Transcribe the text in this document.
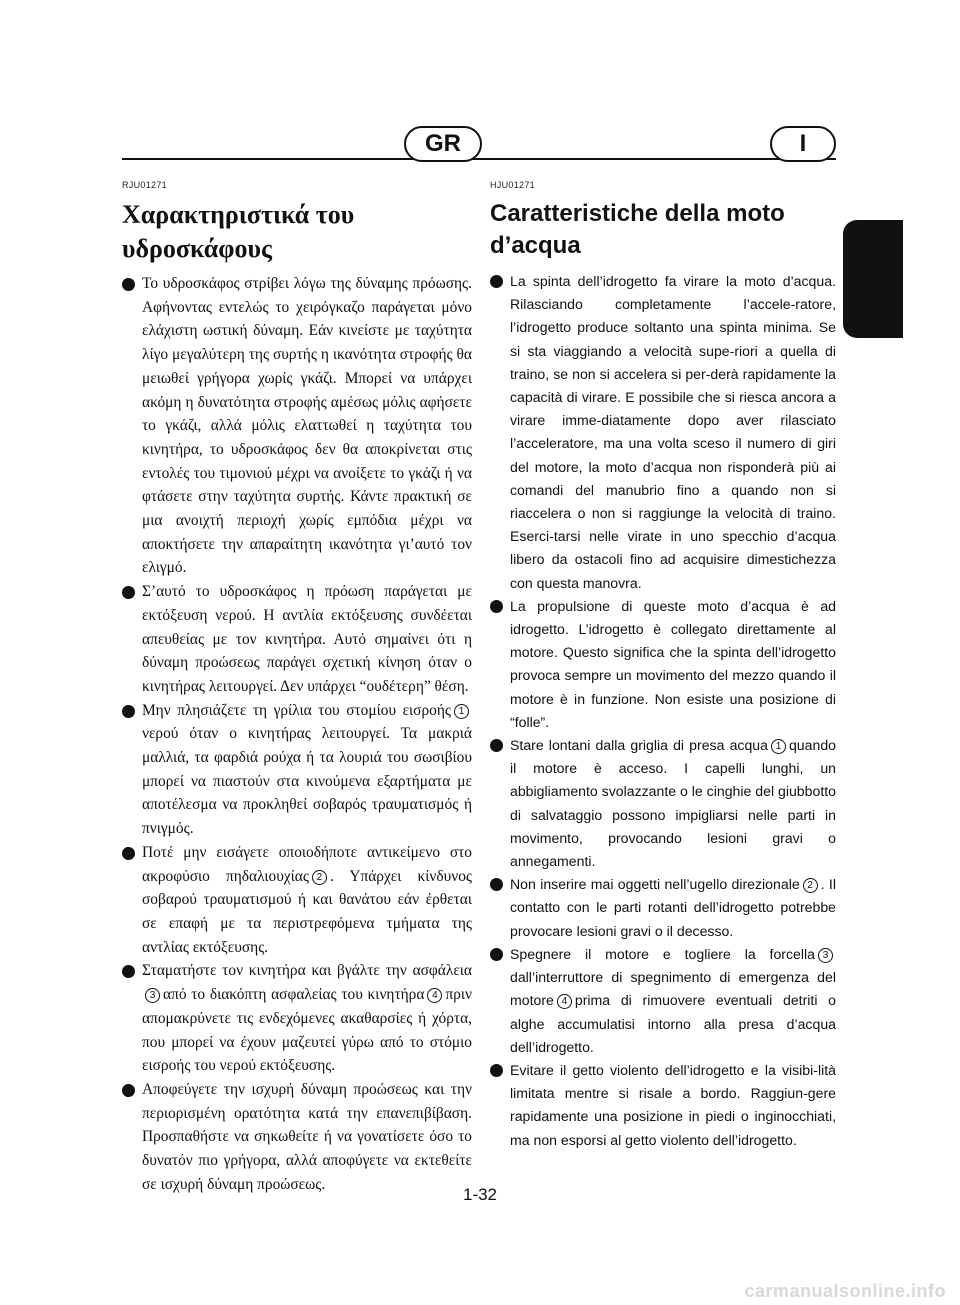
GR	I

RJU01271

Χαρακτηριστικά του
υδροσκάφους
Το υδροσκάφος στρίβει λόγω της δύναμης πρόωσης. Αφήνοντας εντελώς το χειρόγκαζο παράγεται μόνο ελάχιστη ωστική δύναμη. Εάν κινείστε με ταχύτητα λίγο μεγαλύτερη της συρτής η ικανότητα στροφής θα μειωθεί γρήγορα χωρίς γκάζι. Μπορεί να υπάρχει ακόμη η δυνατότητα στροφής αμέσως μόλις αφήσετε το γκάζι, αλλά μόλις ελαττωθεί η ταχύτητα του κινητήρα, το υδροσκάφος δεν θα αποκρίνεται στις εντολές του τιμονιού μέχρι να ανοίξετε το γκάζι ή να φτάσετε στην ταχύτητα συρτής. Κάντε πρακτική σε μια ανοιχτή περιοχή χωρίς εμπόδια μέχρι να αποκτήσετε την απαραίτητη ικανότητα γι’αυτό τον ελιγμό.
Σ’αυτό το υδροσκάφος η πρόωση παράγεται με εκτόξευση νερού. Η αντλία εκτόξευσης συνδέεται απευθείας με τον κινητήρα. Αυτό σημαίνει ότι η δύναμη προώσεως παράγει σχετική κίνηση όταν ο κινητήρας λειτουργεί. Δεν υπάρχει “ουδέτερη” θέση.
Μην πλησιάζετε τη γρίλια του στομίου εισροής 1νερού όταν ο κινητήρας λειτουργεί. Τα μακριά μαλλιά, τα φαρδιά ρούχα ή τα λουριά του σωσιβίου μπορεί να πιαστούν στα κινούμενα εξαρτήματα με αποτέλεσμα να προκληθεί σοβαρός τραυματισμός ή πνιγμός.
Ποτέ μην εισάγετε οποιοδήποτε αντικείμενο στο ακροφύσιο πηδαλιουχίας 2 . Υπάρχει κίνδυνος σοβαρού τραυματισμού ή και θανάτου εάν έρθεται σε επαφή με τα περιστρεφόμενα τμήματα της αντλίας εκτόξευσης.
Σταματήστε τον κινητήρα και βγάλτε την ασφάλεια3 από το διακόπτη ασφαλείας του κινητήρα 4 πριν απομακρύνετε τις ενδεχόμενες ακαθαρσίες ή χόρτα, που μπορεί να έχουν μαζευτεί γύρω από το στόμιο εισροής του νερού εκτόξευσης.
Αποφεύγετε την ισχυρή δύναμη προώσεως και την περιορισμένη ορατότητα κατά την επανεπιβίβαση. Προσπαθήστε να σηκωθείτε ή να γονατίσετε όσο το δυνατόν πιο γρήγορα, αλλά αποφύγετε να εκτεθείτε σε ισχυρή δύναμη προώσεως.

HJU01271

Caratteristiche della moto
d’acqua
La spinta dell’idrogetto fa virare la moto d’acqua. Rilasciando completamente l’accele-ratore, l’idrogetto produce soltanto una spinta minima. Se si sta viaggiando a velocità supe-riori a quella di traino, se non si accelera si per-derà rapidamente la capacità di virare. E possibile che si riesca ancora a virare imme-diatamente dopo aver rilasciato l’acceleratore, ma una volta sceso il numero di giri del motore, la moto d’acqua non risponderà più ai comandi del manubrio fino a quando non si riaccelera o non si raggiunge la velocità di traino. Eserci-tarsi nelle virate in uno specchio d’acqua libero da ostacoli fino ad acquisire dimestichezza con questa manovra.
La propulsione di queste moto d’acqua è ad idrogetto. L’idrogetto è collegato direttamente al motore. Questo significa che la spinta dell’idrogetto provoca sempre un movimento del mezzo quando il motore è in funzione. Non esiste una posizione di “folle”.
Stare lontani dalla griglia di presa acqua 1 quando il motore è acceso. I capelli lunghi, un abbigliamento svolazzante o le cinghie del giubbotto di salvataggio possono impigliarsi nelle parti in movimento, provocando lesioni gravi o annegamenti.
Non inserire mai oggetti nell’ugello direzionale 2 . Il contatto con le parti rotanti dell’idrogetto potrebbe provocare lesioni gravi o il decesso.
Spegnere il motore e togliere la forcella 3dall’interruttore di spegnimento di emergenza del motore 4 prima di rimuovere eventuali detriti o alghe accumulatisi intorno alla presa d’acqua dell’idrogetto.
Evitare il getto violento dell’idrogetto e la visibi-lità limitata mentre si risale a bordo. Raggiun-gere rapidamente una posizione in piedi o inginocchiati, ma non esporsi al getto violento dell’idrogetto.
1-32
carmanualsonline.info
